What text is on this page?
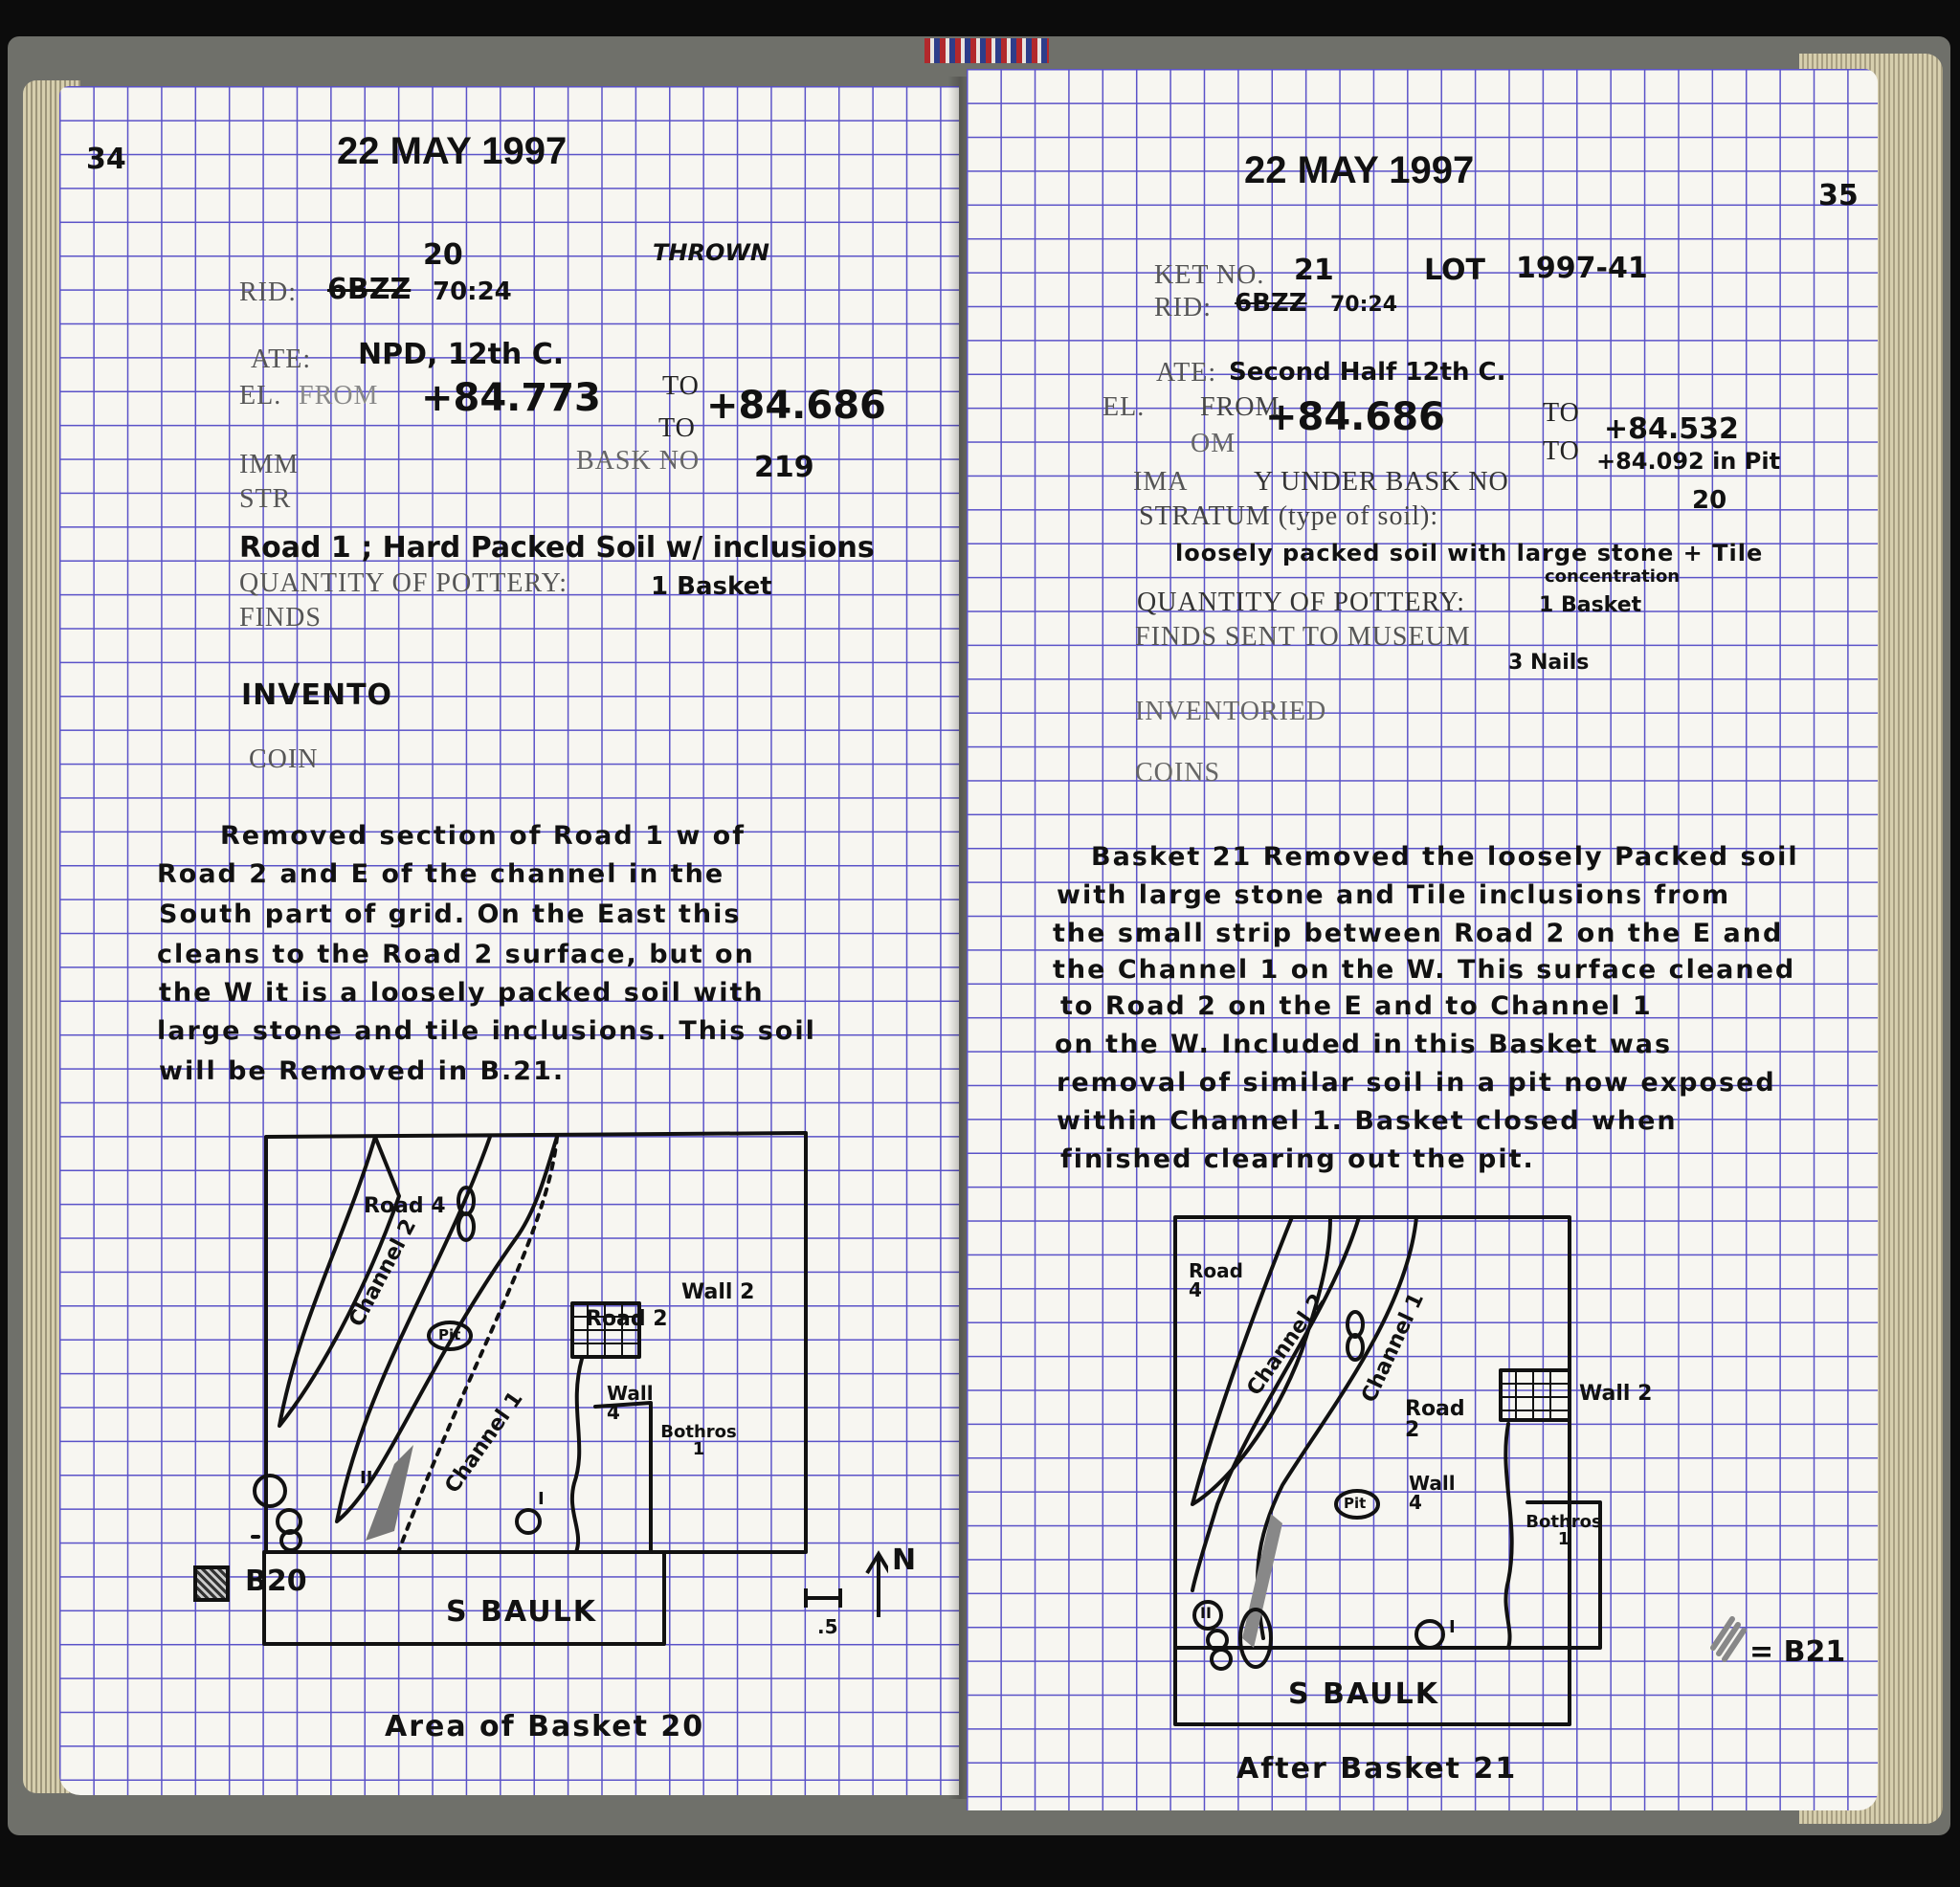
34	22 MAY 1997

20	THROWN
RID: 6BZZ 70:24
ATE: NPD, 12th C.
EL. FROM +84.773 TO +84.686
TO
IMM	BASK NO 219
STR
Road 1 ; Hard Packed Soil w/ inclusions
QUANTITY OF POTTERY:	1 Basket
FINDS
INVENTO
COIN
Removed section of Road 1 w of
Road 2 and E of the channel in the
South part of grid. On the East this
cleans to the Road 2 surface, but on
the W it is a loosely packed soil with
large stone and tile inclusions. This soil
will be Removed in B.21.
Road 4
Channel 2
Channel 1
Road 2
Wall 2
Wall 4
Bothros 1
Pit
II
I
S BAULK
B20
.5
N
Area of Basket 20
22 MAY 1997
35
KET NO. 21	LOT 1997-41
RID: 6BZZ 70:24
ATE: Second Half 12th C.
EL. FROM
+84.686	TO +84.532
OM	TO +84.092 in Pit
IMA Y UNDER BASK NO
20
STRATUM (type of soil):
loosely packed soil with large stone + Tile
concentration
QUANTITY OF POTTERY:	1 Basket
FINDS SENT TO MUSEUM
3 Nails
INVENTORIED
COINS
Basket 21 Removed the loosely Packed soil
with large stone and Tile inclusions from
the small strip between Road 2 on the E and
the Channel 1 on the W. This surface cleaned
to Road 2 on the E and to Channel 1
on the W. Included in this Basket was
removal of similar soil in a pit now exposed
within Channel 1. Basket closed when
finished clearing out the pit.
Road 4	Channel 2 Channel 1
Road 2
Wall 2
Wall 4
Bothros 1
Pit
II
I
S BAULK
= B21
After Basket 21
